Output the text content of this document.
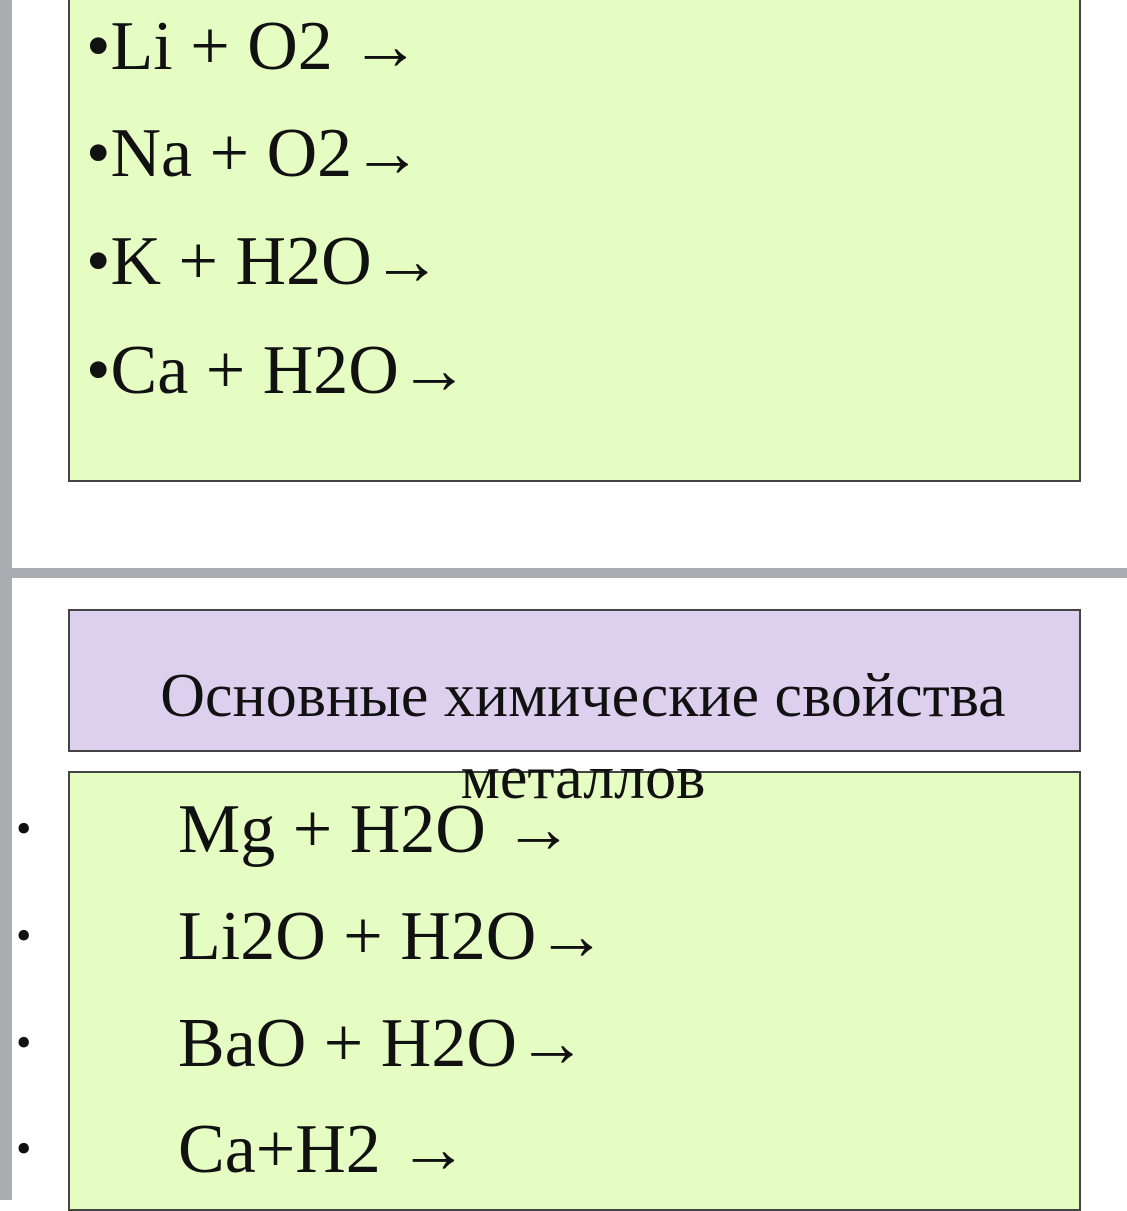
•Li + O2 →
•Na + O2→
•K + H2O→
•Ca + H2O→
Mg + H2O →
Li2O + H2O→
BaO + H2O→
Ca+H2 →
•
•
•
•
Основные химические свойства металлов
